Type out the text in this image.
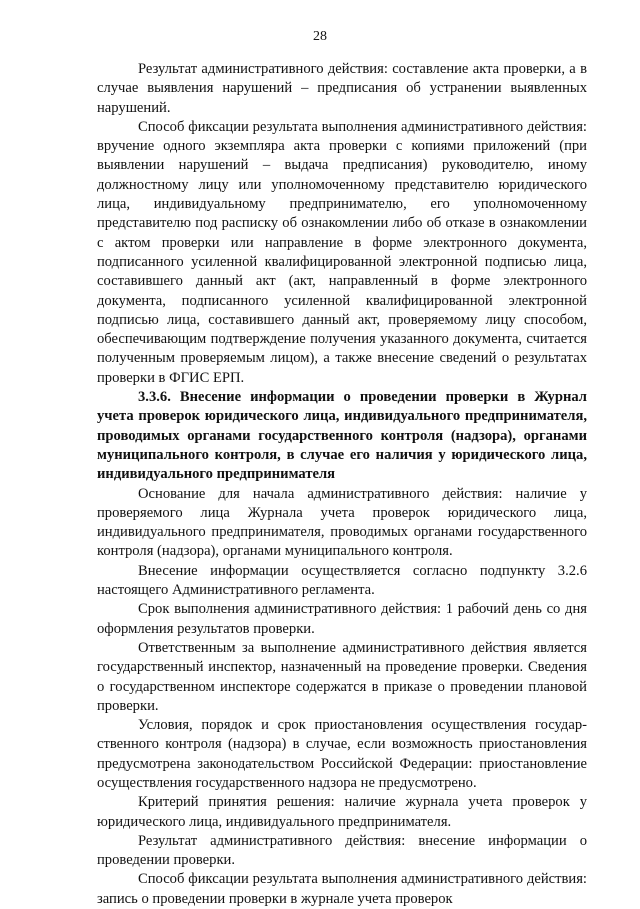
28

Результат административного действия: составление акта проверки, а в случае выявления нарушений – предписания об устранении выявленных нарушений.

Способ фиксации результата выполнения административного действия: вручение одного экземпляра акта проверки с копиями приложений (при выявлении нарушений – выдача предписания) руководителю, иному должностному лицу или уполномоченному представителю юридического лица, индивидуальному предпринимателю, его уполномоченному представителю под расписку об ознакомлении либо об отказе в ознакомлении с актом проверки или направление в форме электронного документа, подписанного усиленной квалифицированной электронной подписью лица, составившего данный акт (акт, направленный в форме электронного документа, подписанного усиленной квалифицированной электронной подписью лица, составившего данный акт, проверяемому лицу способом, обеспечивающим подтверждение получения указанного документа, считается полученным проверяемым лицом), а также внесение сведений о результатах проверки в ФГИС ЕРП.

3.3.6. Внесение информации о проведении проверки в Журнал учета проверок юридического лица, индивидуального предпринимателя, проводимых органами государственного контроля (надзора), органами муниципального контроля, в случае его наличия у юридического лица, индивидуального предпринимателя

Основание для начала административного действия: наличие у проверяемого лица Журнала учета проверок юридического лица, индивидуального предпринимателя, проводимых органами государственного контроля (надзора), органами муниципального контроля.

Внесение информации осуществляется согласно подпункту 3.2.6 настоящего Административного регламента.

Срок выполнения административного действия: 1 рабочий день со дня оформления результатов проверки.

Ответственным за выполнение административного действия является государственный инспектор, назначенный на проведение проверки. Сведения о государственном инспекторе содержатся в приказе о проведении плановой проверки.

Условия, порядок и срок приостановления осуществления государственного контроля (надзора) в случае, если возможность приостановления предусмотрена законодательством Российской Федерации: приостановление осуществления государственного надзора не предусмотрено.

Критерий принятия решения: наличие журнала учета проверок у юридического лица, индивидуального предпринимателя.

Результат административного действия: внесение информации о проведении проверки.

Способ фиксации результата выполнения административного действия: запись о проведении проверки в журнале учета проверок
